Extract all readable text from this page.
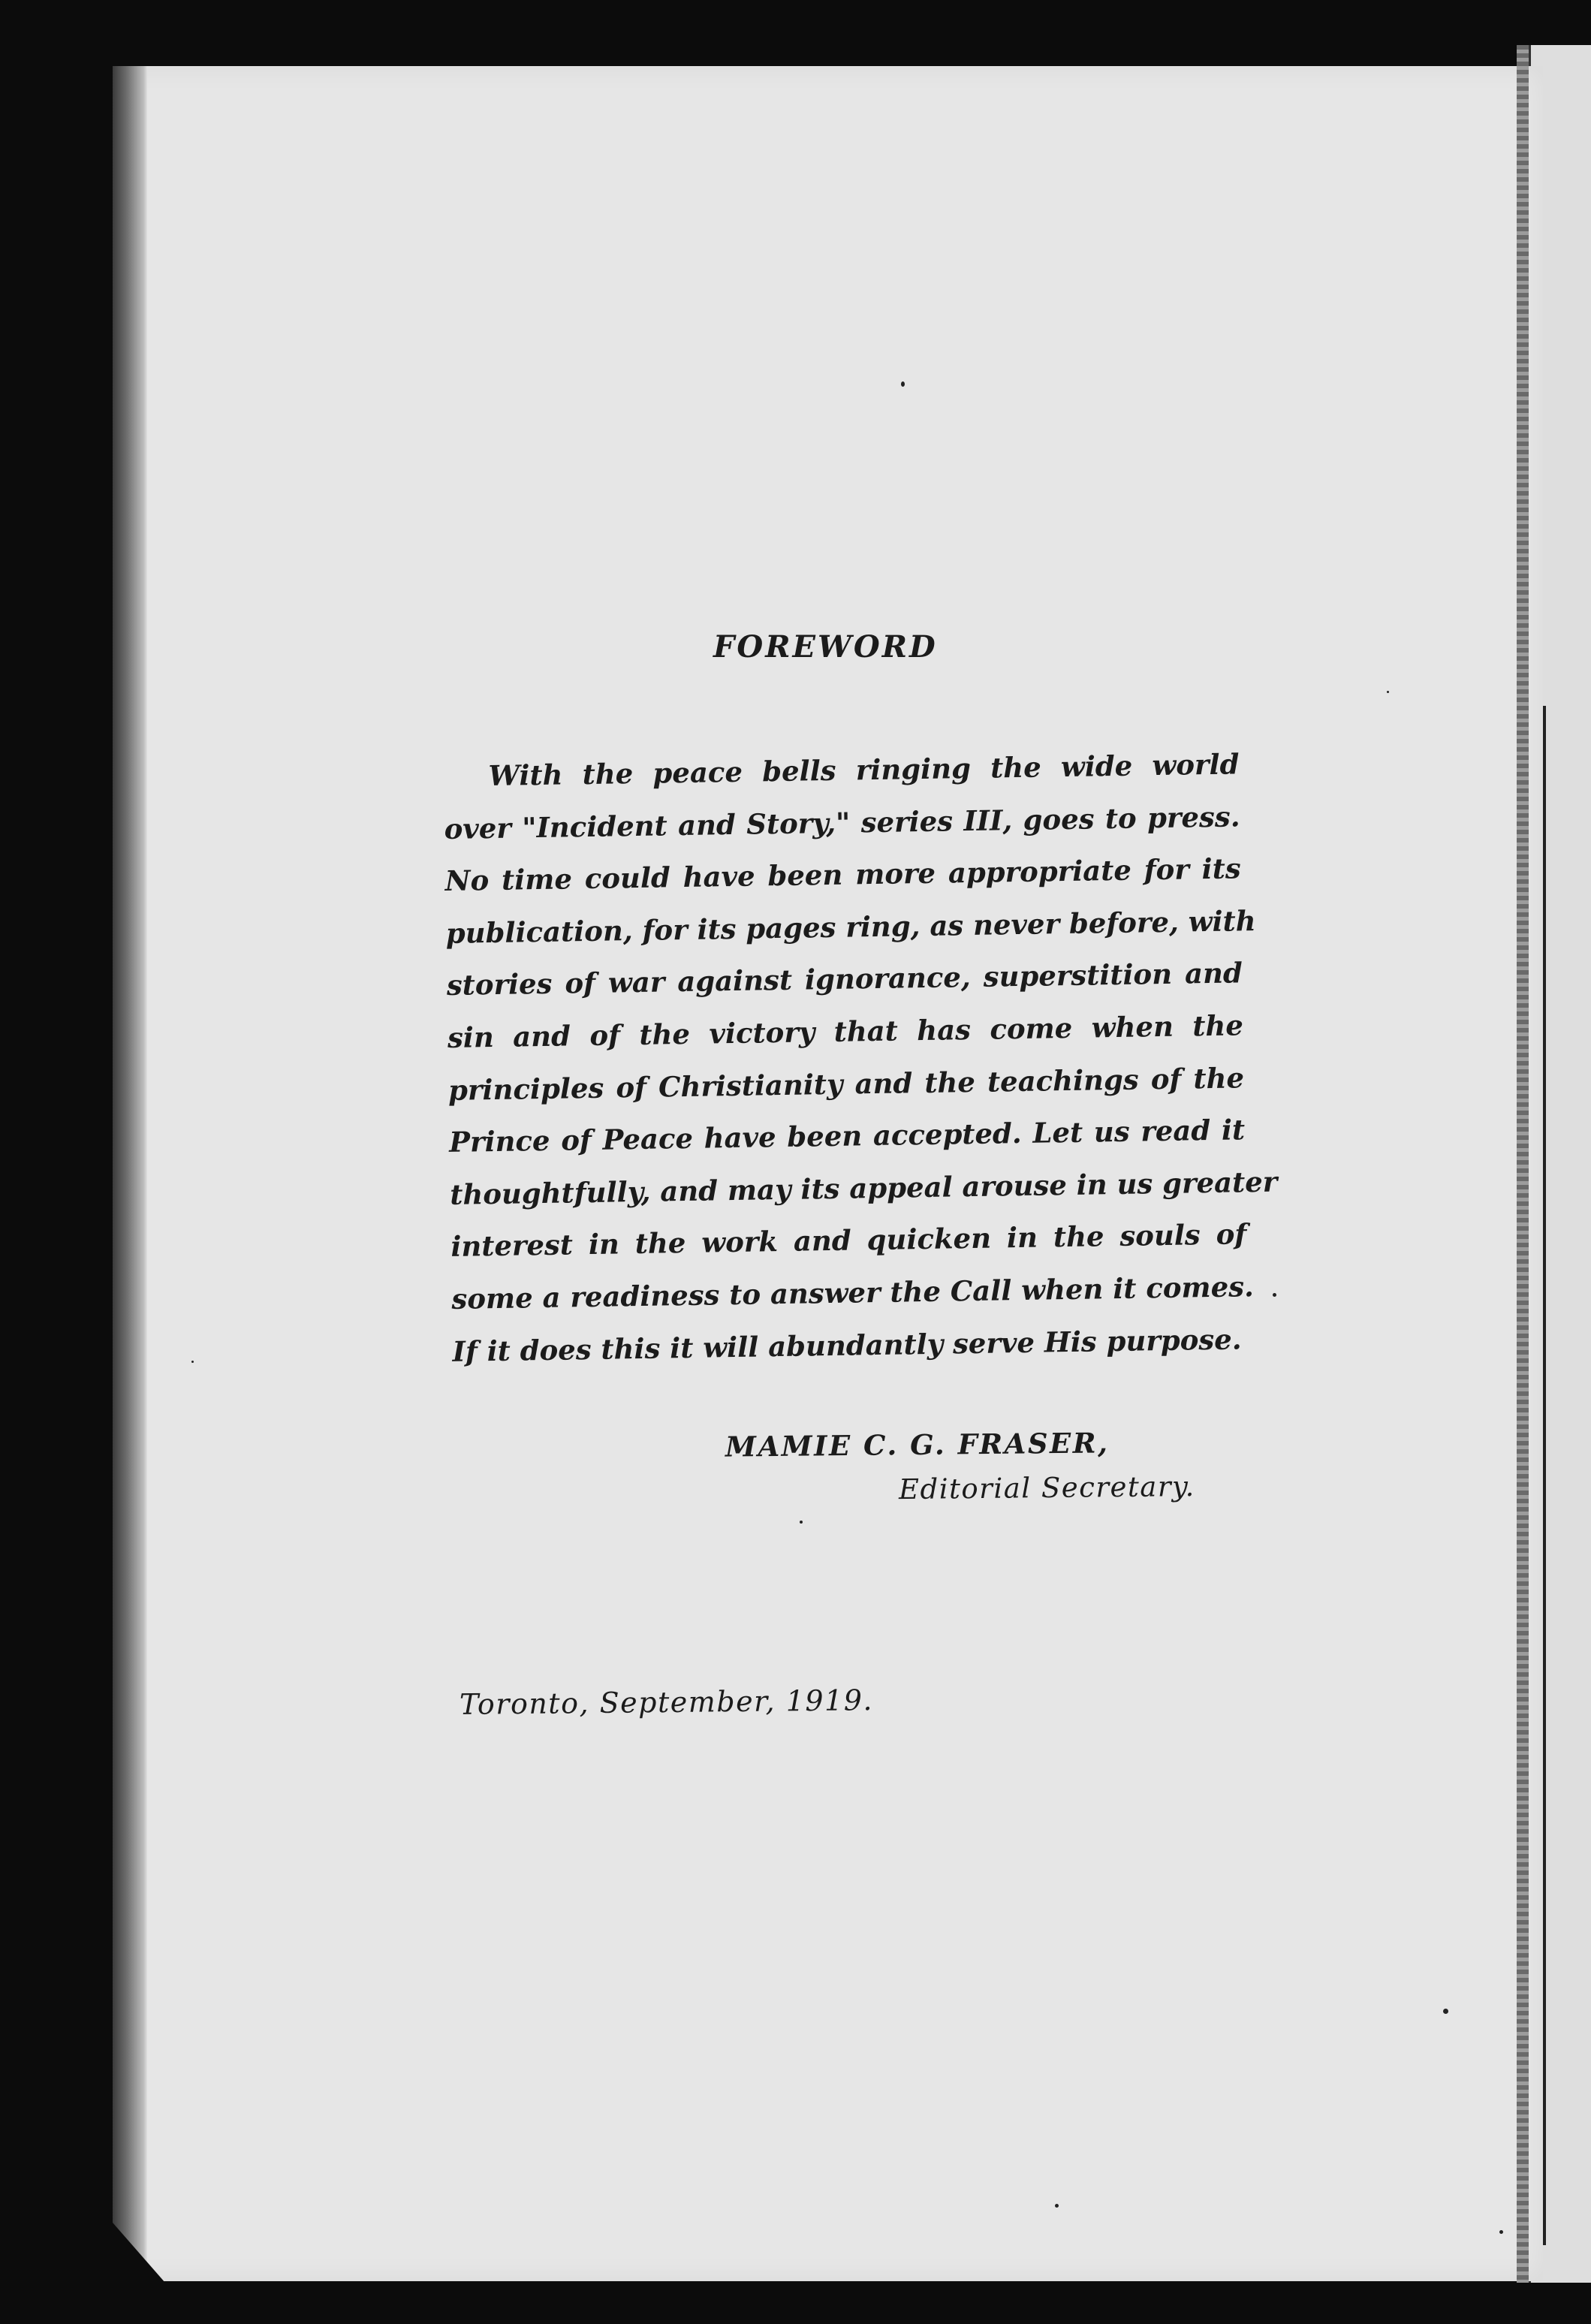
FOREWORD
With the peace bells ringing the wide world
over "Incident and Story," series III, goes to press.
No time could have been more appropriate for its
publication, for its pages ring, as never before, with
stories of war against ignorance, superstition and
sin and of the victory that has come when the
principles of Christianity and the teachings of the
Prince of Peace have been accepted. Let us read it
thoughtfully, and may its appeal arouse in us greater
interest in the work and quicken in the souls of
some a readiness to answer the Call when it comes.
If it does this it will abundantly serve His purpose.
MAMIE C. G. FRASER,
Editorial Secretary.
Toronto, September, 1919.
